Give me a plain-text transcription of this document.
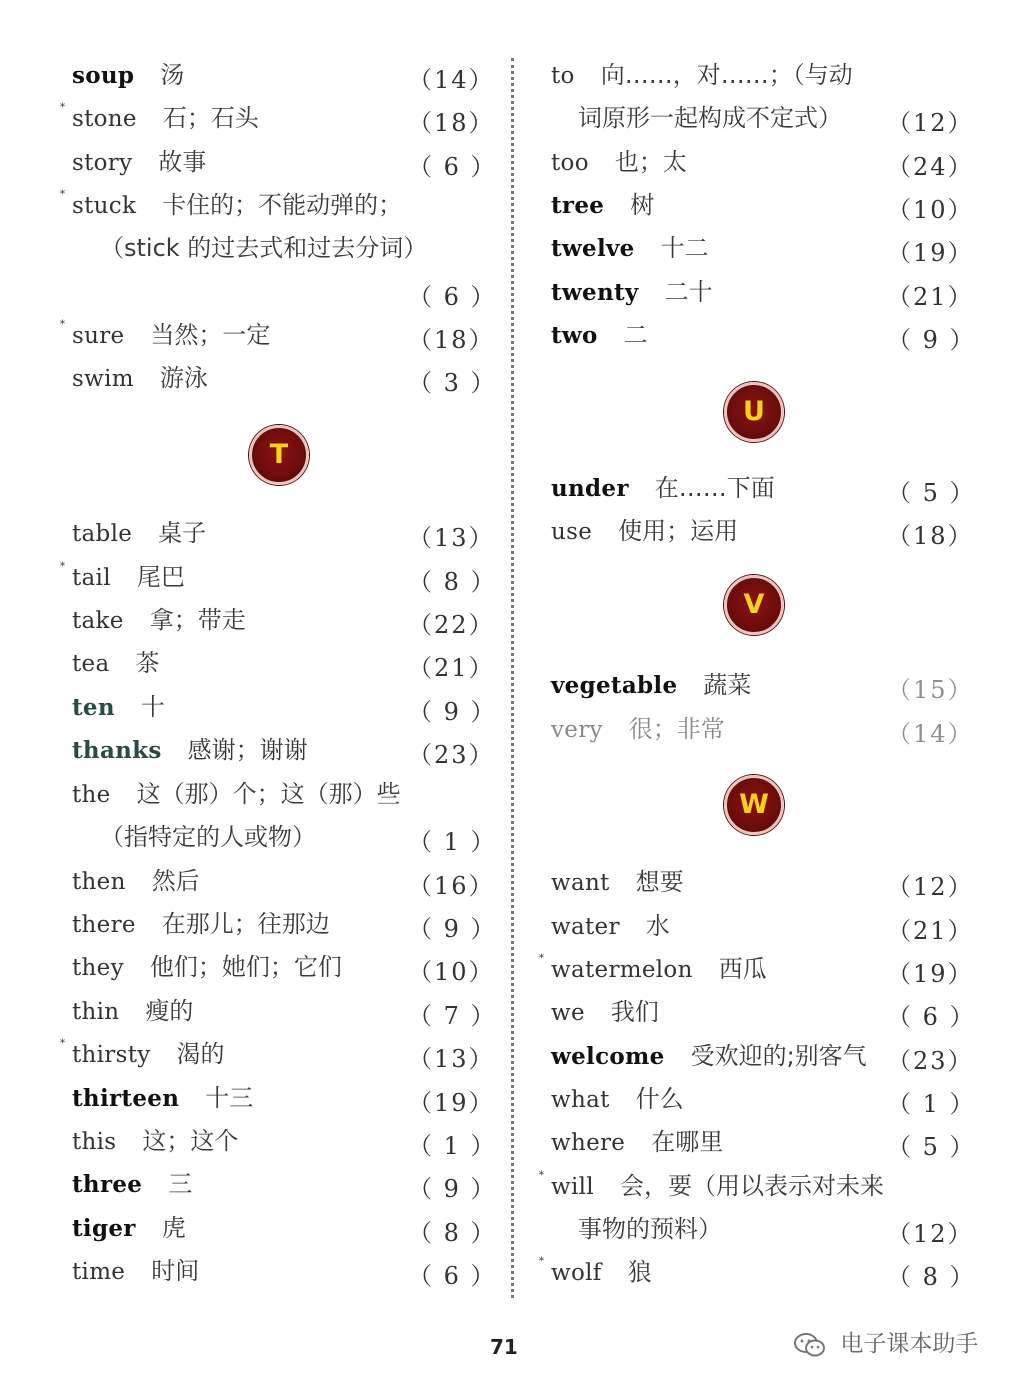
soup 汤	（14）
* stone 石；石头	（18）
story 故事	（ 6 ）
* stuck 卡住的；不能动弹的；
（stick 的过去式和过去分词）
（ 6 ）
* sure 当然；一定	（18）
swim 游泳	（ 3 ）
T
table 桌子	（13）
* tail 尾巴	（ 8 ）
take 拿；带走	（22）
tea 茶	（21）
ten 十	（ 9 ）
thanks 感谢；谢谢	（23）
the 这（那）个；这（那）些
（指特定的人或物）	（ 1 ）
then 然后	（16）
there 在那儿；往那边	（ 9 ）
they 他们；她们；它们	（10）
thin 瘦的	（ 7 ）
* thirsty 渴的	（13）
thirteen 十三	（19）
this 这；这个	（ 1 ）
three 三	（ 9 ）
tiger 虎	（ 8 ）
time 时间	（ 6 ）
to 向……，对……；（与动
词原形一起构成不定式） （12）
too 也；太	（24）
tree 树	（10）
twelve 十二	（19）
twenty 二十	（21）
two 二	（ 9 ）
U
under 在……下面	（ 5 ）
use 使用；运用	（18）
V
vegetable 蔬菜	（15）
very 很；非常	（14）
W
want 想要	（12）
water 水	（21）
* watermelon 西瓜	（19）
we 我们	（ 6 ）
welcome 受欢迎的;别客气 （23）
what 什么	（ 1 ）
where 在哪里	（ 5 ）
* will 会，要（用以表示对未来
事物的预料）	（12）
* wolf 狼	（ 8 ）
71	电子课本助手
